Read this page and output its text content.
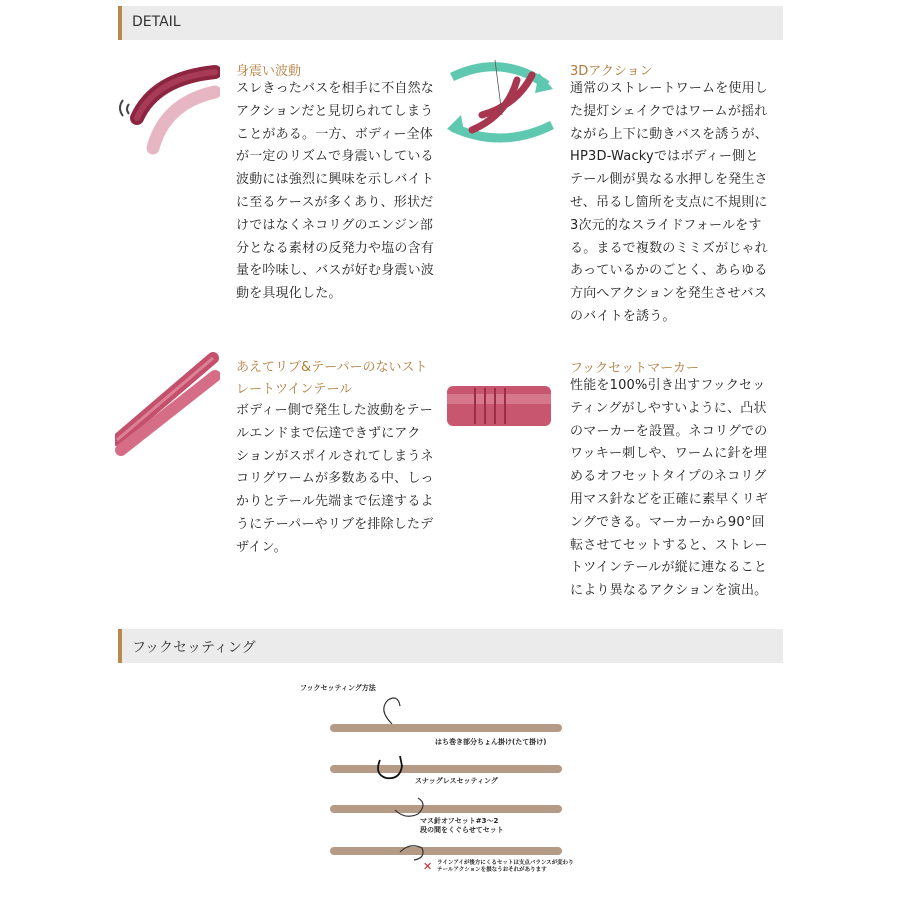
DETAIL
身震い波動
スレきったバスを相手に不自然な
アクションだと見切られてしまう
ことがある。一方、ボディー全体
が一定のリズムで身震いしている
波動には強烈に興味を示しバイト
に至るケースが多くあり、形状だ
けではなくネコリグのエンジン部
分となる素材の反発力や塩の含有
量を吟味し、バスが好む身震い波
動を具現化した。
3Dアクション
通常のストレートワームを使用し
た提灯シェイクではワームが揺れ
ながら上下に動きバスを誘うが、
HP3D-Wackyではボディー側と
テール側が異なる水押しを発生さ
せ、吊るし箇所を支点に不規則に
3次元的なスライドフォールをす
る。まるで複数のミミズがじゃれ
あっているかのごとく、あらゆる
方向へアクションを発生させバス
のバイトを誘う。
あえてリブ&テーパーのないスト
レートツインテール
ボディー側で発生した波動をテー
ルエンドまで伝達できずにアク
ションがスポイルされてしまうネ
コリグワームが多数ある中、しっ
かりとテール先端まで伝達するよ
うにテーパーやリブを排除したデ
ザイン。
フックセットマーカー
性能を100%引き出すフックセッ
ティングがしやすいように、凸状
のマーカーを設置。ネコリグでの
ワッキー刺しや、ワームに針を埋
めるオフセットタイプのネコリグ
用マス針などを正確に素早くリギ
ングできる。マーカーから90°回
転させてセットすると、ストレー
トツインテールが縦に連なること
により異なるアクションを演出。
フックセッティング
フックセッティング方法
はち巻き部分ちょん掛け(たて掛け)
スナッグレスセッティング
マス針オフセット#3～2
段の間をくぐらせてセット
✕ ラインアイが後方にくるセットは支点バランスが変わり
テールアクションを損なうおそれがあります
